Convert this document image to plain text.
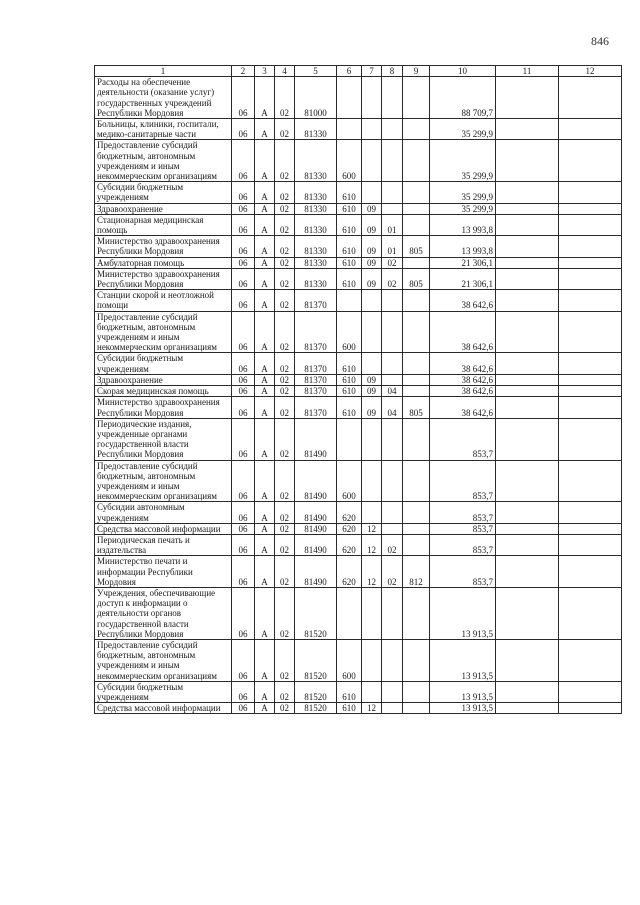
846
1	2	3	4	5	6	7	8	9	10	11	12
Расходы на обеспечение деятельности (оказание услуг) государственных учреждений Республики Мордовия	06	А	02	81000					88 709,7		
Больницы, клиники, госпитали, медико-санитарные части	06	А	02	81330					35 299,9		
Предоставление субсидий бюджетным, автономным учреждениям и иным некоммерческим организациям	06	А	02	81330	600				35 299,9		
Субсидии бюджетным учреждениям	06	А	02	81330	610				35 299,9		
Здравоохранение	06	А	02	81330	610	09			35 299,9		
Стационарная медицинская помощь	06	А	02	81330	610	09	01		13 993,8		
Министерство здравоохранения Республики Мордовия	06	А	02	81330	610	09	01	805	13 993,8		
Амбулаторная помощь	06	А	02	81330	610	09	02		21 306,1		
Министерство здравоохранения Республики Мордовия	06	А	02	81330	610	09	02	805	21 306,1		
Станции скорой и неотложной помощи	06	А	02	81370					38 642,6		
Предоставление субсидий бюджетным, автономным учреждениям и иным некоммерческим организациям	06	А	02	81370	600				38 642,6		
Субсидии бюджетным учреждениям	06	А	02	81370	610				38 642,6		
Здравоохранение	06	А	02	81370	610	09			38 642,6		
Скорая медицинская помощь	06	А	02	81370	610	09	04		38 642,6		
Министерство здравоохранения Республики Мордовия	06	А	02	81370	610	09	04	805	38 642,6		
Периодические издания, учрежденные органами государственной власти Республики Мордовия	06	А	02	81490					853,7		
Предоставление субсидий бюджетным, автономным учреждениям и иным некоммерческим организациям	06	А	02	81490	600				853,7		
Субсидии автономным учреждениям	06	А	02	81490	620				853,7		
Средства массовой информации	06	А	02	81490	620	12			853,7		
Периодическая печать и издательства	06	А	02	81490	620	12	02		853,7		
Министерство печати и информации Республики Мордовия	06	А	02	81490	620	12	02	812	853,7		
Учреждения, обеспечивающие доступ к информации о деятельности органов государственной власти Республики Мордовия	06	А	02	81520					13 913,5		
Предоставление субсидий бюджетным, автономным учреждениям и иным некоммерческим организациям	06	А	02	81520	600				13 913,5		
Субсидии бюджетным учреждениям	06	А	02	81520	610				13 913,5		
Средства массовой информации	06	А	02	81520	610	12			13 913,5		
